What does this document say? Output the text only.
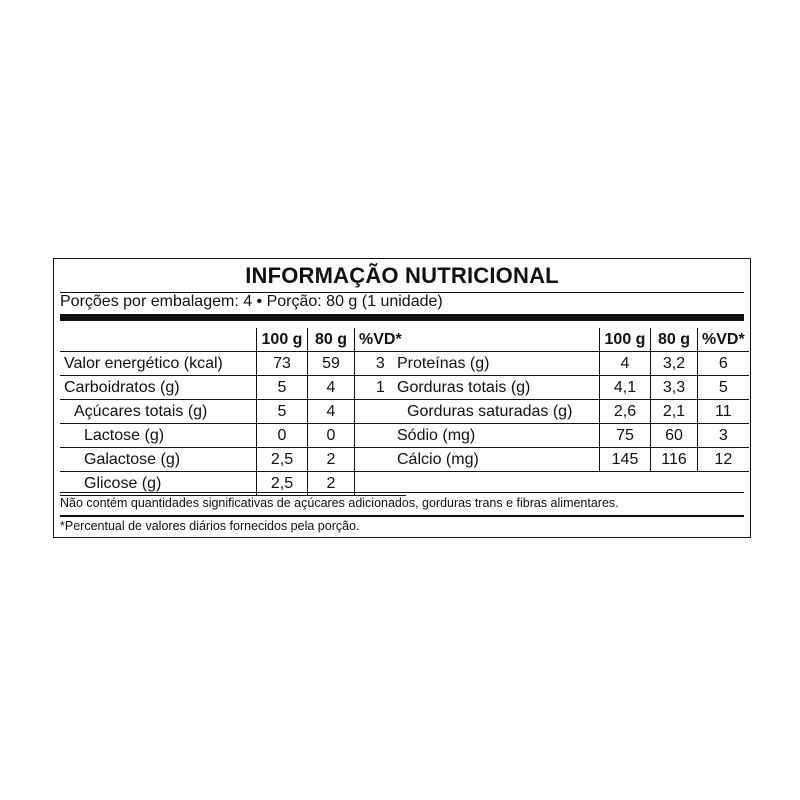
INFORMAÇÃO NUTRICIONAL
Porções por embalagem: 4 • Porção: 80 g (1 unidade)
	100 g	80 g	%VD*
Valor energético (kcal)	73	59	3
Carboidratos (g)	5	4	1
Açúcares totais (g)	5	4	
Lactose (g)	0	0	
Galactose (g)	2,5	2	
Glicose (g)	2,5	2	
	100 g	80 g	%VD*
Proteínas (g)	4	3,2	6
Gorduras totais (g)	4,1	3,3	5
Gorduras saturadas (g)	2,6	2,1	11
Sódio (mg)	75	60	3
Cálcio (mg)	145	116	12
Não contém quantidades significativas de açúcares adicionados, gorduras trans e fibras alimentares.
*Percentual de valores diários fornecidos pela porção.
